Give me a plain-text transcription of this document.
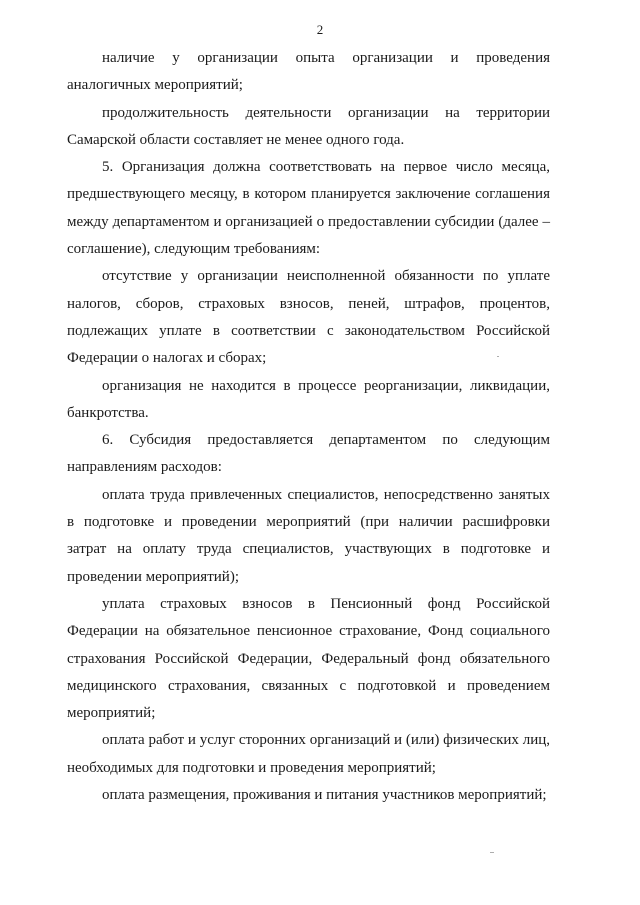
2

наличие у организации опыта организации и проведения аналогичных мероприятий;

продолжительность деятельности организации на территории Самарской области составляет не менее одного года.

5. Организация должна соответствовать на первое число месяца, предшествующего месяцу, в котором планируется заключение соглашения между департаментом и организацией о предоставлении субсидии (далее – соглашение), следующим требованиям:

отсутствие у организации неисполненной обязанности по уплате налогов, сборов, страховых взносов, пеней, штрафов, процентов, подлежащих уплате в соответствии с законодательством Российской Федерации о налогах и сборах;

организация не находится в процессе реорганизации, ликвидации, банкротства.

6. Субсидия предоставляется департаментом по следующим направлениям расходов:

оплата труда привлеченных специалистов, непосредственно занятых в подготовке и проведении мероприятий (при наличии расшифровки затрат на оплату труда специалистов, участвующих в подготовке и проведении мероприятий);

уплата страховых взносов в Пенсионный фонд Российской Федерации на обязательное пенсионное страхование, Фонд социального страхования Российской Федерации, Федеральный фонд обязательного медицинского страхования, связанных с подготовкой и проведением мероприятий;

оплата работ и услуг сторонних организаций и (или) физических лиц, необходимых для подготовки и проведения мероприятий;

оплата размещения, проживания и питания участников мероприятий;
